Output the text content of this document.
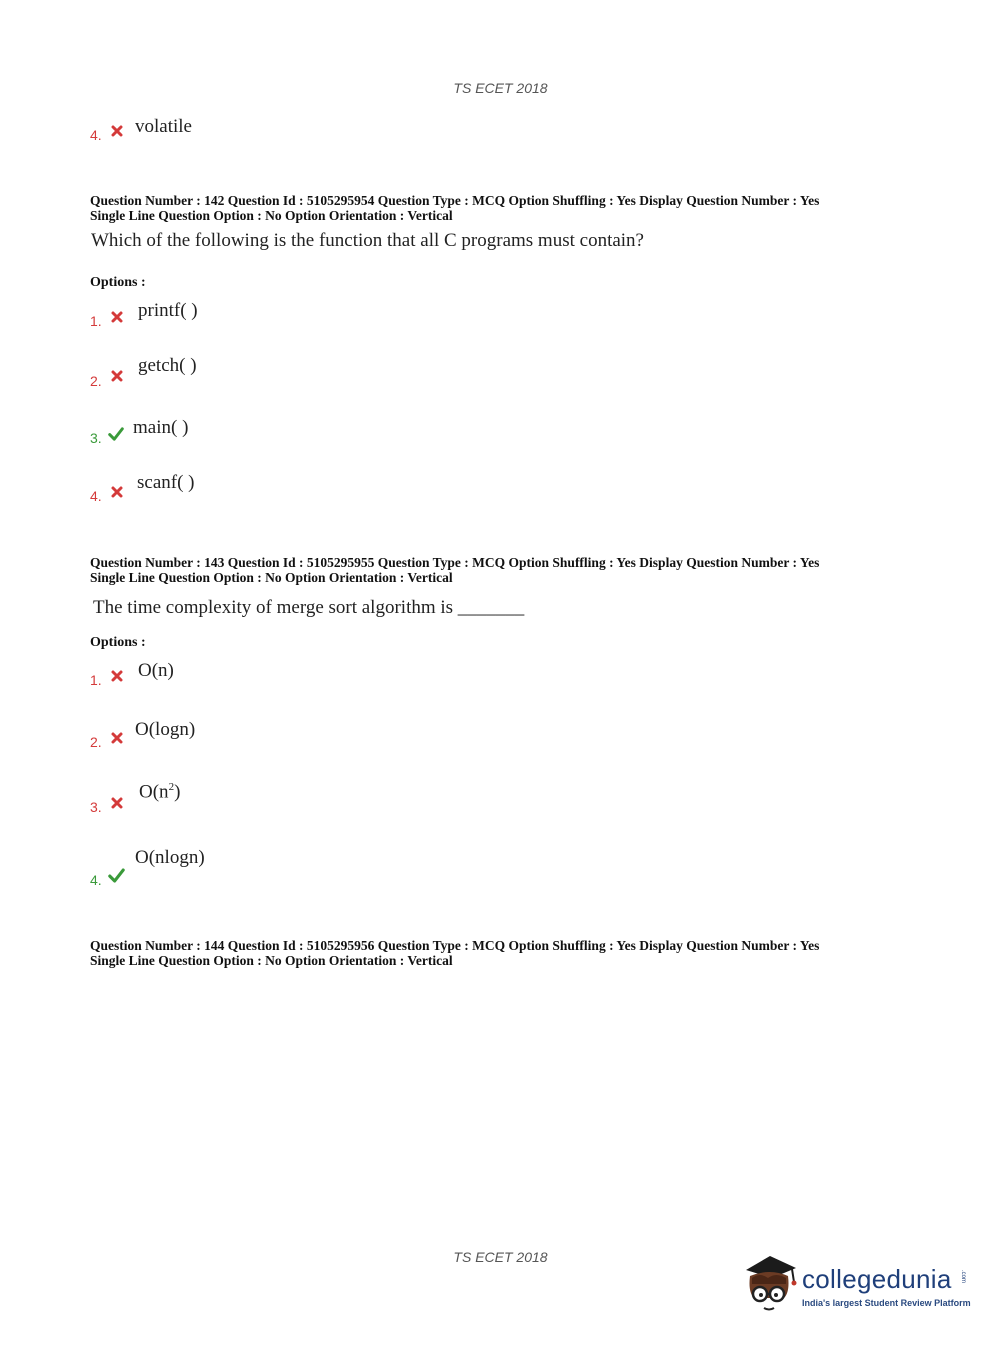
TS ECET 2018
4. volatile
Question Number : 142 Question Id : 5105295954 Question Type : MCQ Option Shuffling : Yes Display Question Number : Yes
Single Line Question Option : No Option Orientation : Vertical
Which of the following is the function that all C programs must contain?
Options :
1. printf( )
2.
getch( )
3. main( )
4.
scanf( )
Question Number : 143 Question Id : 5105295955 Question Type : MCQ Option Shuffling : Yes Display Question Number : Yes
Single Line Question Option : No Option Orientation : Vertical
The time complexity of merge sort algorithm is _______
Options :
1. O(n)
2.
O(logn)
3.
$O(n^2)$
4.
O(nlogn)
Question Number : 144 Question Id : 5105295956 Question Type : MCQ Option Shuffling : Yes Display Question Number : Yes
Single Line Question Option : No Option Orientation : Vertical
TS ECET 2018
collegedunia .com
India's largest Student Review Platform
